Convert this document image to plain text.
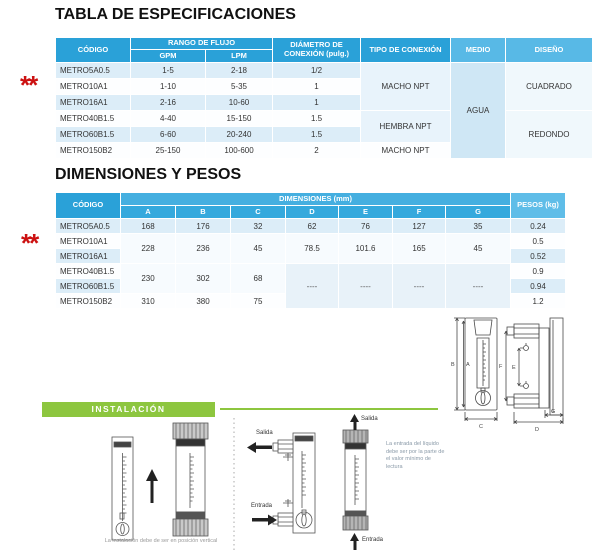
TABLA DE ESPECIFICACIONES
DIMENSIONES Y PESOS
**
**
CÓDIGO	RANGO DE FLUJO		DIÁMETRO DE CONEXIÓN (pulg.)	TIPO DE CONEXIÓN	MEDIO	DISEÑO
	GPM	LPM				
METRO5A0.5	1-5	2-18	1/2	MACHO NPT	AGUA	CUADRADO
METRO10A1	1-10	5-35	1			
METRO16A1	2-16	10-60	1			
METRO40B1.5	4-40	15-150	1.5	HEMBRA NPT		REDONDO
METRO60B1.5	6-60	20-240	1.5			
METRO150B2	25-150	100-600	2	MACHO NPT		
CÓDIGO	DIMENSIONES (mm)							PESOS (kg)
	A	B	C	D	E	F	G	
METRO5A0.5	168	176	32	62	76	127	35	0.24
METRO10A1	228	236	45	78.5	101.6	165	45	0.5
METRO16A1								0.52
METRO40B1.5	230	302	68	----	----	----	----	0.9
METRO60B1.5								0.94
METRO150B2	310	380	75					1.2
B A
C
F E
G
D
INSTALACIÓN
Salida
Entrada
Salida
Entrada
La instalación debe de ser en posición vertical
La entrada del líquido debe ser por la parte de el valor mínimo de lectura
